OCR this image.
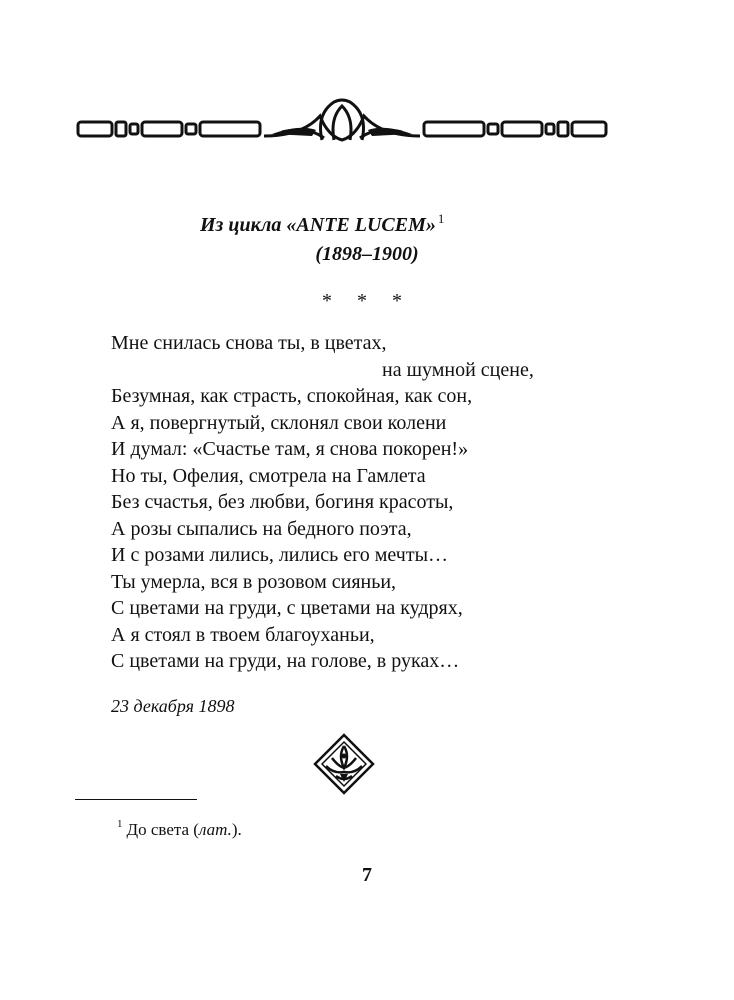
Из цикла «ANTE LUCEM» $^1$
(1898–1900)
* * *
Мне снилась снова ты, в цветах,
на шумной сцене,
Безумная, как страсть, спокойная, как сон,
А я, повергнутый, склонял свои колени
И думал: «Счастье там, я снова покорен!»
Но ты, Офелия, смотрела на Гамлета
Без счастья, без любви, богиня красоты,
А розы сыпались на бедного поэта,
И с розами лились, лились его мечты…
Ты умерла, вся в розовом сияньи,
С цветами на груди, с цветами на кудрях,
А я стоял в твоем благоуханьи,
С цветами на груди, на голове, в руках…
23 декабря 1898
$^1$ До света (лат.).
7
